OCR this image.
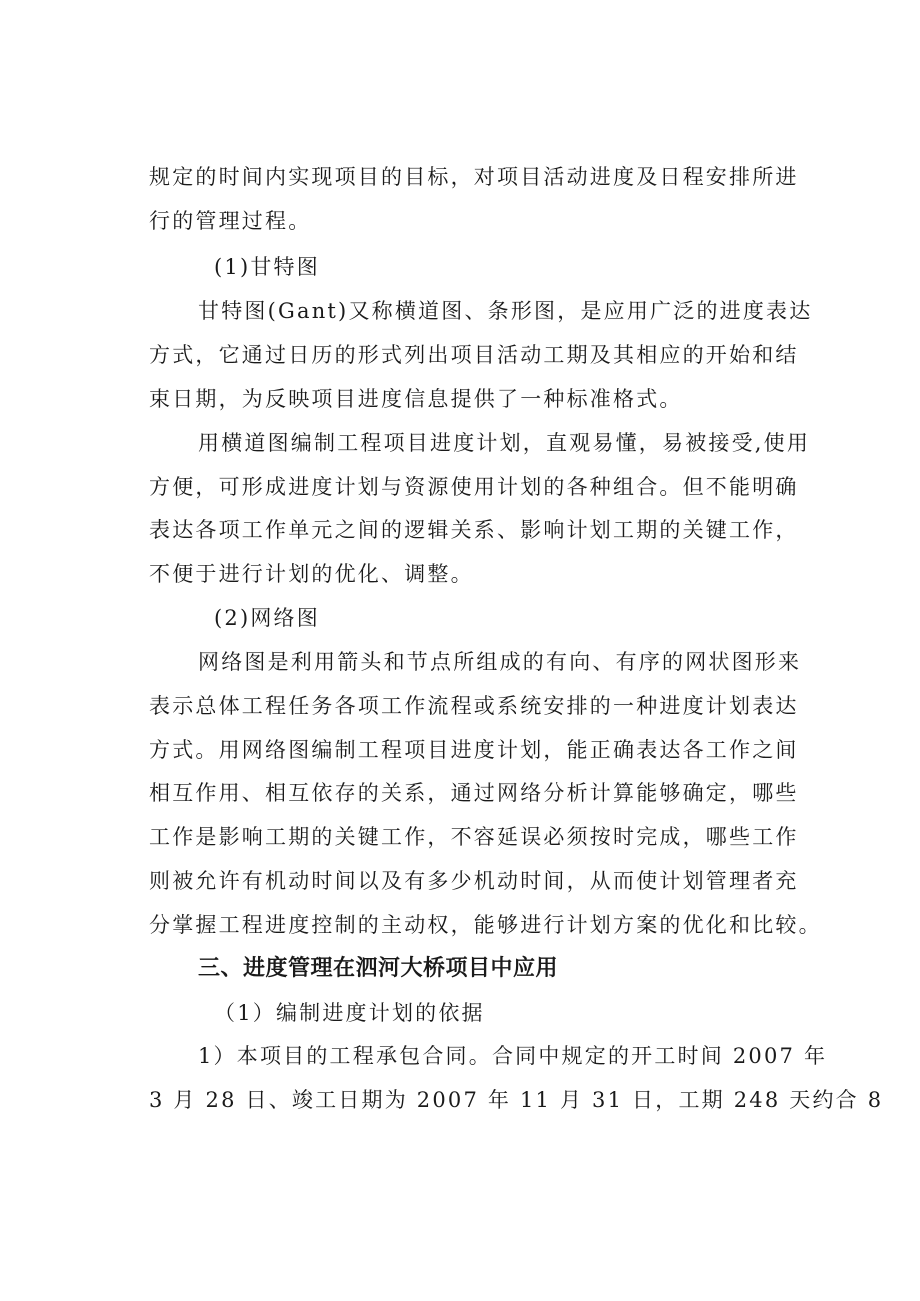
规定的时间内实现项目的目标，对项目活动进度及日程安排所进
行的管理过程。
(1)甘特图
甘特图(Gant)又称横道图、条形图，是应用广泛的进度表达
方式，它通过日历的形式列出项目活动工期及其相应的开始和结
束日期，为反映项目进度信息提供了一种标准格式。
用横道图编制工程项目进度计划，直观易懂，易被接受,使用
方便，可形成进度计划与资源使用计划的各种组合。但不能明确
表达各项工作单元之间的逻辑关系、影响计划工期的关键工作，
不便于进行计划的优化、调整。
(2)网络图
网络图是利用箭头和节点所组成的有向、有序的网状图形来
表示总体工程任务各项工作流程或系统安排的一种进度计划表达
方式。用网络图编制工程项目进度计划，能正确表达各工作之间
相互作用、相互依存的关系，通过网络分析计算能够确定，哪些
工作是影响工期的关键工作，不容延误必须按时完成，哪些工作
则被允许有机动时间以及有多少机动时间，从而使计划管理者充
分掌握工程进度控制的主动权，能够进行计划方案的优化和比较。
三、进度管理在泗河大桥项目中应用
（1）编制进度计划的依据
1）本项目的工程承包合同。合同中规定的开工时间 2007 年
3 月 28 日、竣工日期为 2007 年 11 月 31 日，工期 248 天约合 8
